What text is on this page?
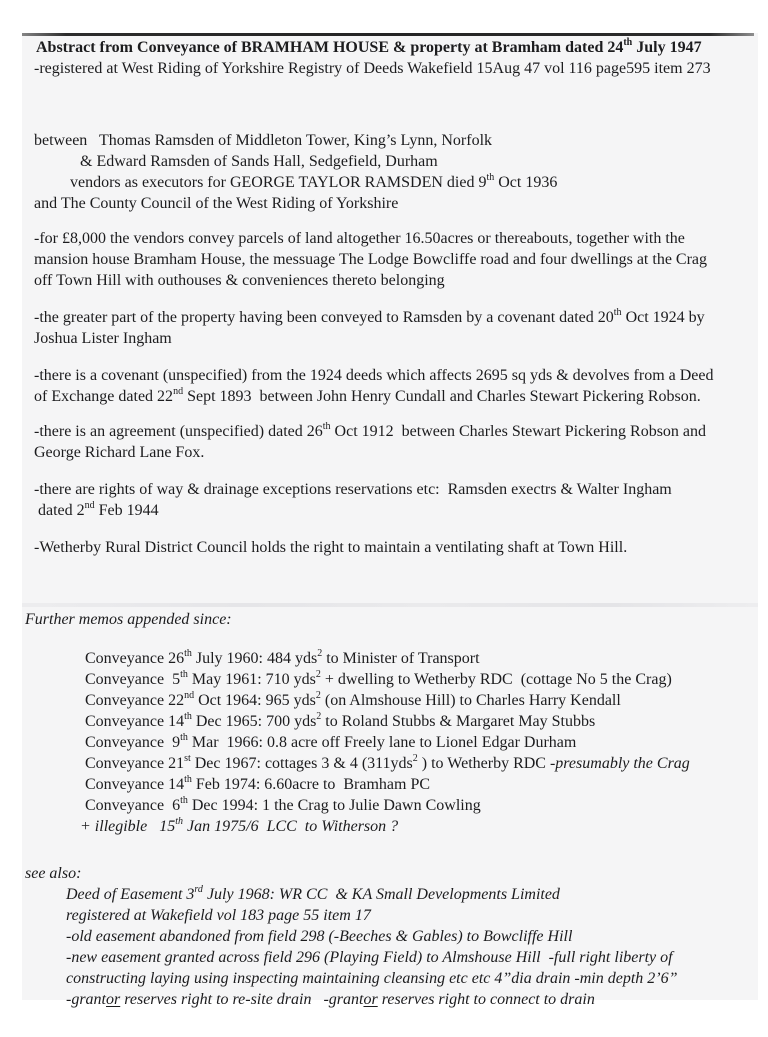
Abstract from Conveyance of BRAMHAM HOUSE & property at Bramham dated 24th July 1947
-registered at West Riding of Yorkshire Registry of Deeds Wakefield 15Aug 47 vol 116 page595 item 273
between   Thomas Ramsden of Middleton Tower, King’s Lynn, Norfolk
& Edward Ramsden of Sands Hall, Sedgefield, Durham
vendors as executors for GEORGE TAYLOR RAMSDEN died 9th Oct 1936
and The County Council of the West Riding of Yorkshire
-for £8,000 the vendors convey parcels of land altogether 16.50acres or thereabouts, together with the
mansion house Bramham House, the messuage The Lodge Bowcliffe road and four dwellings at the Crag
off Town Hill with outhouses & conveniences thereto belonging
-the greater part of the property having been conveyed to Ramsden by a covenant dated 20th Oct 1924 by
Joshua Lister Ingham
-there is a covenant (unspecified) from the 1924 deeds which affects 2695 sq yds & devolves from a Deed
of Exchange dated 22nd Sept 1893  between John Henry Cundall and Charles Stewart Pickering Robson.
-there is an agreement (unspecified) dated 26th Oct 1912  between Charles Stewart Pickering Robson and
George Richard Lane Fox.
-there are rights of way & drainage exceptions reservations etc:  Ramsden exectrs & Walter Ingham
dated 2nd Feb 1944
-Wetherby Rural District Council holds the right to maintain a ventilating shaft at Town Hill.
Further memos appended since:
Conveyance 26th July 1960: 484 yds$^2$ to Minister of Transport
Conveyance  5th May 1961: 710 yds$^2$ + dwelling to Wetherby RDC  (cottage No 5 the Crag)
Conveyance 22nd Oct 1964: 965 yds$^2$ (on Almshouse Hill) to Charles Harry Kendall
Conveyance 14th Dec 1965: 700 yds$^2$ to Roland Stubbs & Margaret May Stubbs
Conveyance  9th Mar  1966: 0.8 acre off Freely lane to Lionel Edgar Durham
Conveyance 21st Dec 1967: cottages 3 & 4 (311yds$^2$ ) to Wetherby RDC -presumably the Crag
Conveyance 14th Feb 1974: 6.60acre to  Bramham PC
Conveyance  6th Dec 1994: 1 the Crag to Julie Dawn Cowling
+ illegible   15th Jan 1975/6  LCC  to Witherson ?
see also:
Deed of Easement 3rd July 1968: WR CC  & KA Small Developments Limited
registered at Wakefield vol 183 page 55 item 17
-old easement abandoned from field 298 (-Beeches & Gables) to Bowcliffe Hill
-new easement granted across field 296 (Playing Field) to Almshouse Hill  -full right liberty of
constructing laying using inspecting maintaining cleansing etc etc 4”dia drain -min depth 2’6”
-grantor reserves right to re-site drain   -grantor reserves right to connect to drain
